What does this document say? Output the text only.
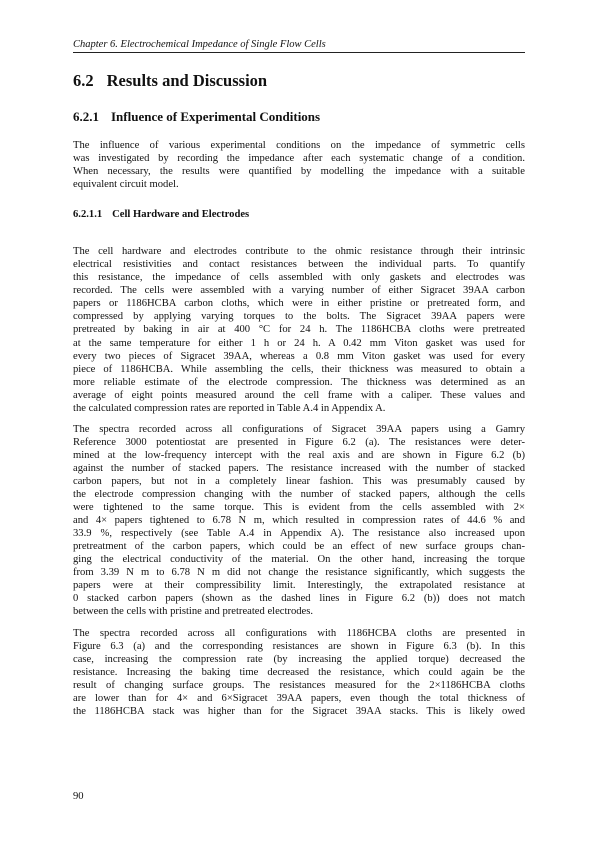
Chapter 6. Electrochemical Impedance of Single Flow Cells
6.2 Results and Discussion
6.2.1 Influence of Experimental Conditions
The influence of various experimental conditions on the impedance of symmetric cells
was investigated by recording the impedance after each systematic change of a condition.
When necessary, the results were quantified by modelling the impedance with a suitable
equivalent circuit model.
6.2.1.1 Cell Hardware and Electrodes
The cell hardware and electrodes contribute to the ohmic resistance through their intrinsic
electrical resistivities and contact resistances between the individual parts. To quantify
this resistance, the impedance of cells assembled with only gaskets and electrodes was
recorded. The cells were assembled with a varying number of either Sigracet 39AA carbon
papers or 1186HCBA carbon cloths, which were in either pristine or pretreated form, and
compressed by applying varying torques to the bolts. The Sigracet 39AA papers were
pretreated by baking in air at 400 °C for 24 h. The 1186HCBA cloths were pretreated
at the same temperature for either 1 h or 24 h. A 0.42 mm Viton gasket was used for
every two pieces of Sigracet 39AA, whereas a 0.8 mm Viton gasket was used for every
piece of 1186HCBA. While assembling the cells, their thickness was measured to obtain a
more reliable estimate of the electrode compression. The thickness was determined as an
average of eight points measured around the cell frame with a caliper. These values and
the calculated compression rates are reported in Table A.4 in Appendix A.
The spectra recorded across all configurations of Sigracet 39AA papers using a Gamry
Reference 3000 potentiostat are presented in Figure 6.2 (a). The resistances were deter-
mined at the low-frequency intercept with the real axis and are shown in Figure 6.2 (b)
against the number of stacked papers. The resistance increased with the number of stacked
carbon papers, but not in a completely linear fashion. This was presumably caused by
the electrode compression changing with the number of stacked papers, although the cells
were tightened to the same torque. This is evident from the cells assembled with 2×
and 4× papers tightened to 6.78 N m, which resulted in compression rates of 44.6 % and
33.9 %, respectively (see Table A.4 in Appendix A). The resistance also increased upon
pretreatment of the carbon papers, which could be an effect of new surface groups chan-
ging the electrical conductivity of the material. On the other hand, increasing the torque
from 3.39 N m to 6.78 N m did not change the resistance significantly, which suggests the
papers were at their compressibility limit. Interestingly, the extrapolated resistance at
0 stacked carbon papers (shown as the dashed lines in Figure 6.2 (b)) does not match
between the cells with pristine and pretreated electrodes.
The spectra recorded across all configurations with 1186HCBA cloths are presented in
Figure 6.3 (a) and the corresponding resistances are shown in Figure 6.3 (b). In this
case, increasing the compression rate (by increasing the applied torque) decreased the
resistance. Increasing the baking time decreased the resistance, which could again be the
result of changing surface groups. The resistances measured for the 2×1186HCBA cloths
are lower than for 4× and 6×Sigracet 39AA papers, even though the total thickness of
the 1186HCBA stack was higher than for the Sigracet 39AA stacks. This is likely owed
90
